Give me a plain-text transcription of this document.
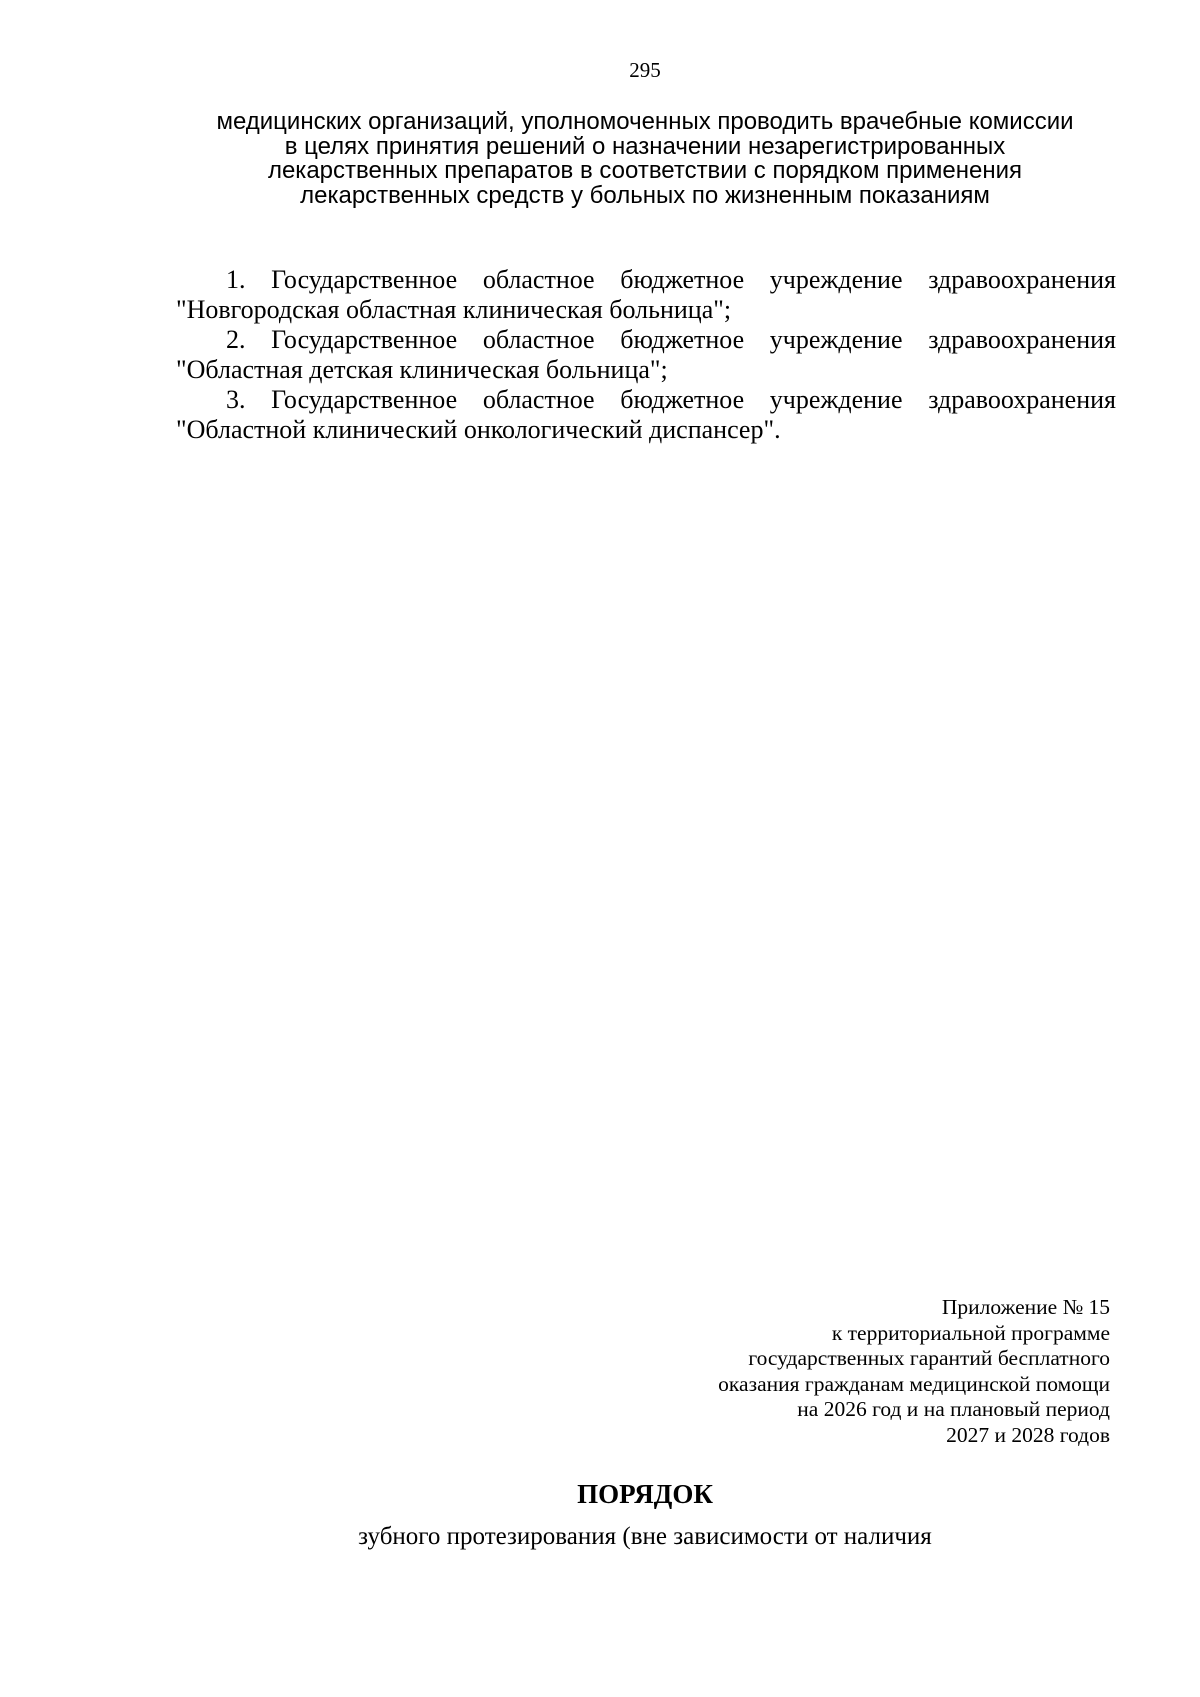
295
медицинских организаций, уполномоченных проводить врачебные комиссии
в целях принятия решений о назначении незарегистрированных
лекарственных препаратов в соответствии с порядком применения
лекарственных средств у больных по жизненным показаниям
1. Государственное областное бюджетное учреждение здравоохранения
"Новгородская областная клиническая больница";
2. Государственное областное бюджетное учреждение здравоохранения
"Областная детская клиническая больница";
3. Государственное областное бюджетное учреждение здравоохранения
"Областной клинический онкологический диспансер".
Приложение № 15
к территориальной программе
государственных гарантий бесплатного
оказания гражданам медицинской помощи
на 2026 год и на плановый период
2027 и 2028 годов
ПОРЯДОК
зубного протезирования (вне зависимости от наличия
